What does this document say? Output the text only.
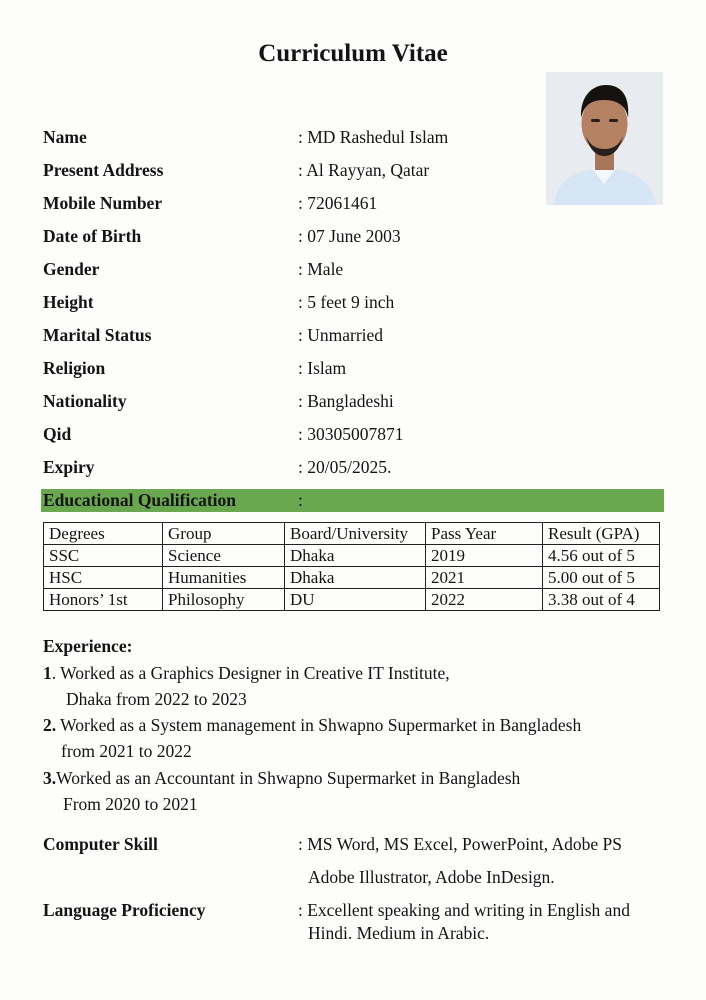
Curriculum Vitae
Name	: MD Rashedul Islam
Present Address	: Al Rayyan, Qatar
Mobile Number	: 72061461
Date of Birth	: 07 June 2003
Gender	: Male
Height	: 5 feet 9 inch
Marital Status	: Unmarried
Religion	: Islam
Nationality	: Bangladeshi
Qid	: 30305007871
Expiry	: 20/05/2025.
Educational Qualification	:
Degrees	Group	Board/University	Pass Year	Result (GPA)
SSC	Science	Dhaka	2019	4.56 out of 5
HSC	Humanities	Dhaka	2021	5.00 out of 5
Honors’ 1st	Philosophy	DU	2022	3.38 out of 4
Experience:
1. Worked as a Graphics Designer in Creative IT Institute,
Dhaka from 2022 to 2023
2. Worked as a System management in Shwapno Supermarket in Bangladesh
from 2021 to 2022
3.Worked as an Accountant in Shwapno Supermarket in Bangladesh
From 2020 to 2021
Computer Skill	: MS Word, MS Excel, PowerPoint, Adobe PS
Adobe Illustrator, Adobe InDesign.
Language Proficiency	: Excellent speaking and writing in English and
Hindi. Medium in Arabic.
